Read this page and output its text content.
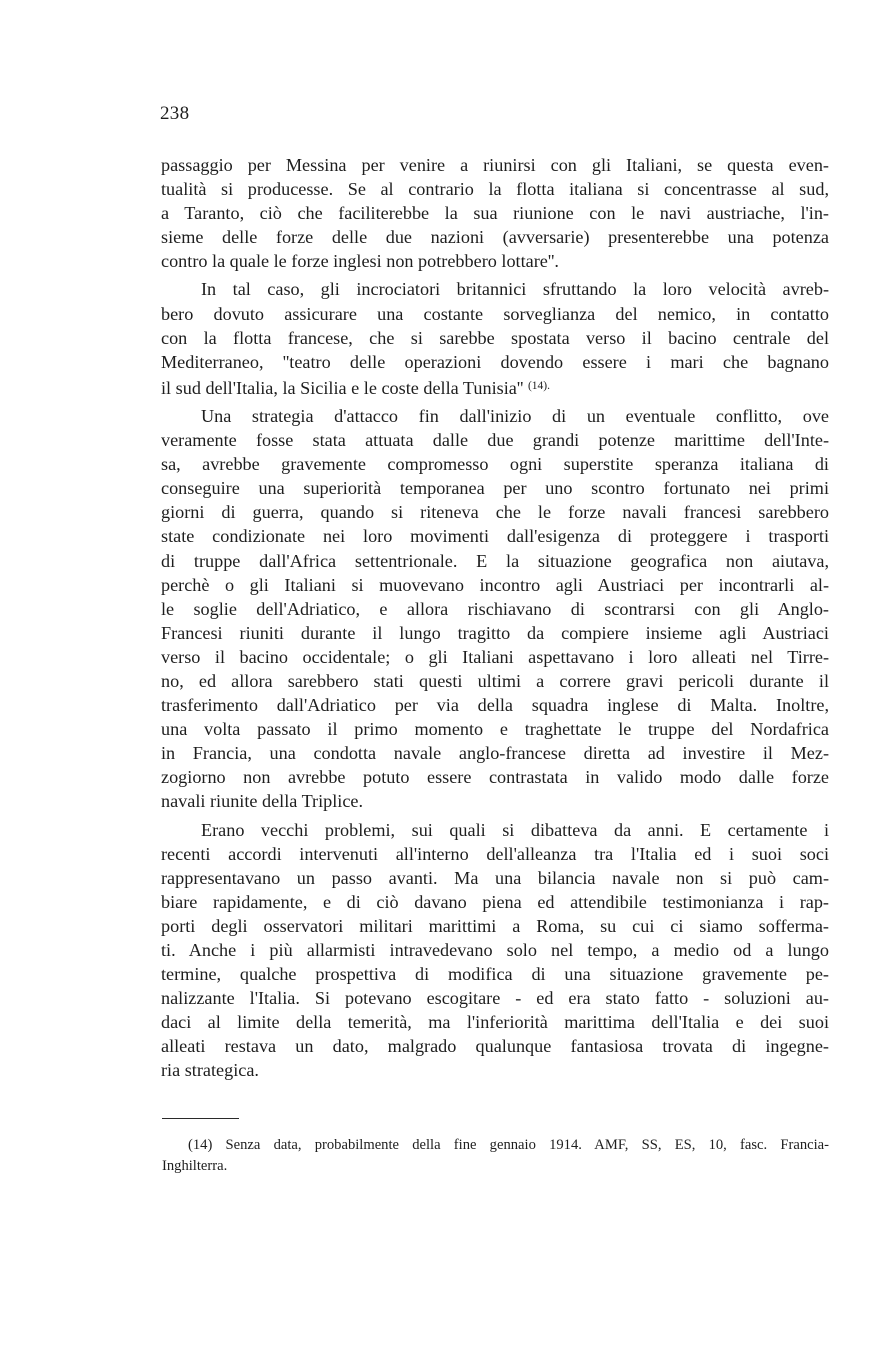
238

passaggio per Messina per venire a riunirsi con gli Italiani, se questa even-
tualità si producesse. Se al contrario la flotta italiana si concentrasse al sud,
a Taranto, ciò che faciliterebbe la sua riunione con le navi austriache, l'in-
sieme delle forze delle due nazioni (avversarie) presenterebbe una potenza
contro la quale le forze inglesi non potrebbero lottare''.

In tal caso, gli incrociatori britannici sfruttando la loro velocità avreb-
bero dovuto assicurare una costante sorveglianza del nemico, in contatto
con la flotta francese, che si sarebbe spostata verso il bacino centrale del
Mediterraneo, ''teatro delle operazioni dovendo essere i mari che bagnano
il sud dell'Italia, la Sicilia e le coste della Tunisia'' $^{(14).}$

Una strategia d'attacco fin dall'inizio di un eventuale conflitto, ove
veramente fosse stata attuata dalle due grandi potenze marittime dell'Inte-
sa, avrebbe gravemente compromesso ogni superstite speranza italiana di
conseguire una superiorità temporanea per uno scontro fortunato nei primi
giorni di guerra, quando si riteneva che le forze navali francesi sarebbero
state condizionate nei loro movimenti dall'esigenza di proteggere i trasporti
di truppe dall'Africa settentrionale. E la situazione geografica non aiutava,
perchè o gli Italiani si muovevano incontro agli Austriaci per incontrarli al-
le soglie dell'Adriatico, e allora rischiavano di scontrarsi con gli Anglo-
Francesi riuniti durante il lungo tragitto da compiere insieme agli Austriaci
verso il bacino occidentale; o gli Italiani aspettavano i loro alleati nel Tirre-
no, ed allora sarebbero stati questi ultimi a correre gravi pericoli durante il
trasferimento dall'Adriatico per via della squadra inglese di Malta. Inoltre,
una volta passato il primo momento e traghettate le truppe del Nordafrica
in Francia, una condotta navale anglo-francese diretta ad investire il Mez-
zogiorno non avrebbe potuto essere contrastata in valido modo dalle forze
navali riunite della Triplice.

Erano vecchi problemi, sui quali si dibatteva da anni. E certamente i
recenti accordi intervenuti all'interno dell'alleanza tra l'Italia ed i suoi soci
rappresentavano un passo avanti. Ma una bilancia navale non si può cam-
biare rapidamente, e di ciò davano piena ed attendibile testimonianza i rap-
porti degli osservatori militari marittimi a Roma, su cui ci siamo sofferma-
ti. Anche i più allarmisti intravedevano solo nel tempo, a medio od a lungo
termine, qualche prospettiva di modifica di una situazione gravemente pe-
nalizzante l'Italia. Si potevano escogitare - ed era stato fatto - soluzioni au-
daci al limite della temerità, ma l'inferiorità marittima dell'Italia e dei suoi
alleati restava un dato, malgrado qualunque fantasiosa trovata di ingegne-
ria strategica.

(14) Senza data, probabilmente della fine gennaio 1914. AMF, SS, ES, 10, fasc. Francia-
Inghilterra.
